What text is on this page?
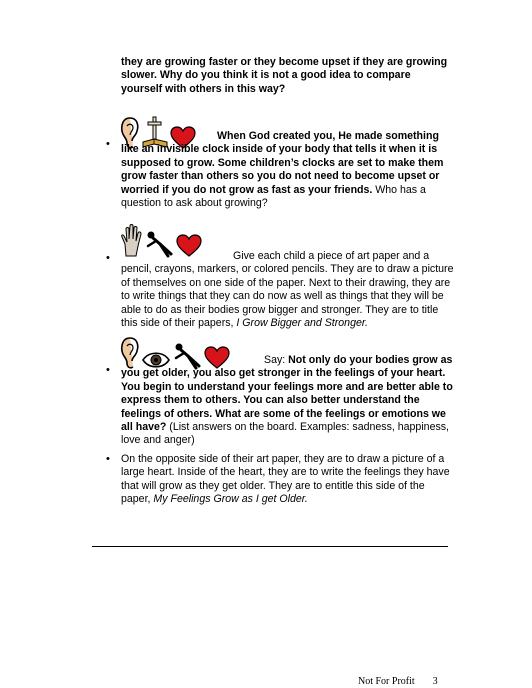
they are growing faster or they become upset if they are growing slower. Why do you think it is not a good idea to compare yourself with others in this way?

•

When God created you, He made something like an invisible clock inside of your body that tells it when it is supposed to grow. Some children’s clocks are set to make them grow faster than others so you do not need to become upset or worried if you do not grow as fast as your friends. Who has a question to ask about growing?

•	Give each child a piece of art paper and a pencil, crayons, markers, or colored pencils. They are to draw a picture of themselves on one side of the paper. Next to their drawing, they are to write things that they can do now as well as things that they will be able to do as their bodies grow bigger and stronger. They are to title this side of their papers, I Grow Bigger and Stronger.

•

Say: Not only do your bodies grow as you get older, you also get stronger in the feelings of your heart. You begin to understand your feelings more and are better able to express them to others. You can also better understand the feelings of others. What are some of the feelings or emotions we all have? (List answers on the board. Examples: sadness, happiness, love and anger)

• On the opposite side of their art paper, they are to draw a picture of a large heart. Inside of the heart, they are to write the feelings they have that will grow as they get older. They are to entitle this side of the paper, My Feelings Grow as I get Older.

Not For Profit 3
